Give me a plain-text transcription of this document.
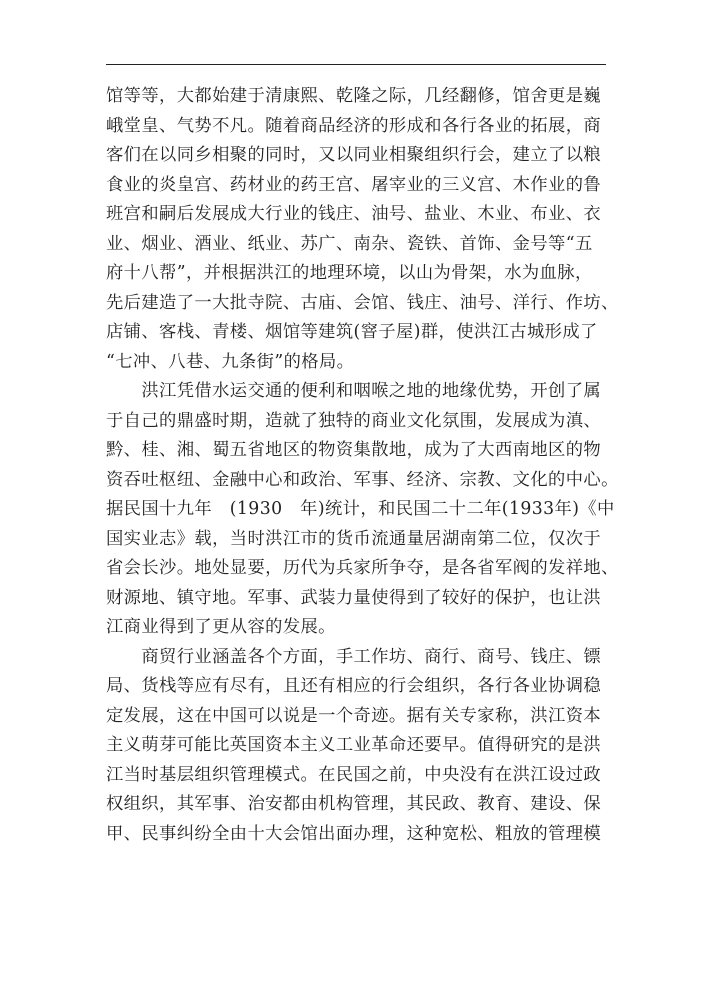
馆等等，大都始建于清康熙、乾隆之际，几经翻修，馆舍更是巍
峨堂皇、气势不凡。随着商品经济的形成和各行各业的拓展，商
客们在以同乡相聚的同时，又以同业相聚组织行会，建立了以粮
食业的炎皇宫、药材业的药王宫、屠宰业的三义宫、木作业的鲁
班宫和嗣后发展成大行业的钱庄、油号、盐业、木业、布业、衣
业、烟业、酒业、纸业、苏广、南杂、瓷铁、首饰、金号等“五
府十八帮”，并根据洪江的地理环境，以山为骨架，水为血脉，
先后建造了一大批寺院、古庙、会馆、钱庄、油号、洋行、作坊、
店铺、客栈、青楼、烟馆等建筑(窨子屋)群，使洪江古城形成了
“七冲、八巷、九条街”的格局。
　　洪江凭借水运交通的便利和咽喉之地的地缘优势，开创了属
于自己的鼎盛时期，造就了独特的商业文化氛围，发展成为滇、
黔、桂、湘、蜀五省地区的物资集散地，成为了大西南地区的物
资吞吐枢纽、金融中心和政治、军事、经济、宗教、文化的中心。
据民国十九年　(1930　年)统计，和民国二十二年(1933年)《中
国实业志》载，当时洪江市的货币流通量居湖南第二位，仅次于
省会长沙。地处显要，历代为兵家所争夺，是各省军阀的发祥地、
财源地、镇守地。军事、武装力量使得到了较好的保护，也让洪
江商业得到了更从容的发展。
　　商贸行业涵盖各个方面，手工作坊、商行、商号、钱庄、镖
局、货栈等应有尽有，且还有相应的行会组织，各行各业协调稳
定发展，这在中国可以说是一个奇迹。据有关专家称，洪江资本
主义萌芽可能比英国资本主义工业革命还要早。值得研究的是洪
江当时基层组织管理模式。在民国之前，中央没有在洪江设过政
权组织，其军事、治安都由机构管理，其民政、教育、建设、保
甲、民事纠纷全由十大会馆出面办理，这种宽松、粗放的管理模
